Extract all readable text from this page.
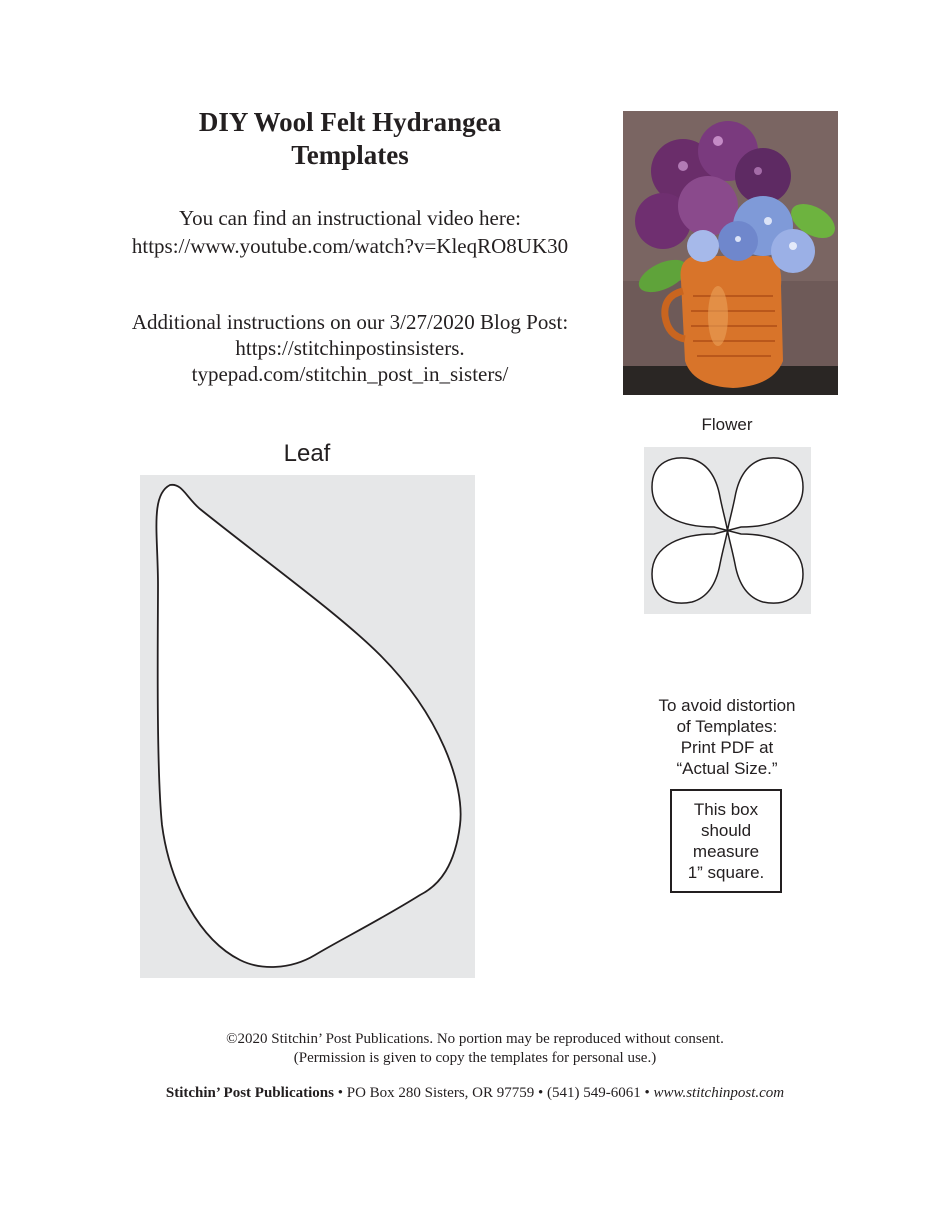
DIY Wool Felt Hydrangea
Templates
You can find an instructional video here:
https://www.youtube.com/watch?v=KleqRO8UK30
Additional instructions on our 3/27/2020 Blog Post:
https://stitchinpostinsisters.
typepad.com/stitchin_post_in_sisters/
Flower
Leaf
To avoid distortion
of Templates:
Print PDF at
“Actual Size.”
This box
should
measure
1” square.
©2020 Stitchin’ Post Publications. No portion may be reproduced without consent.
(Permission is given to copy the templates for personal use.)
Stitchin’ Post Publications • PO Box 280 Sisters, OR 97759 • (541) 549-6061 • www.stitchinpost.com
